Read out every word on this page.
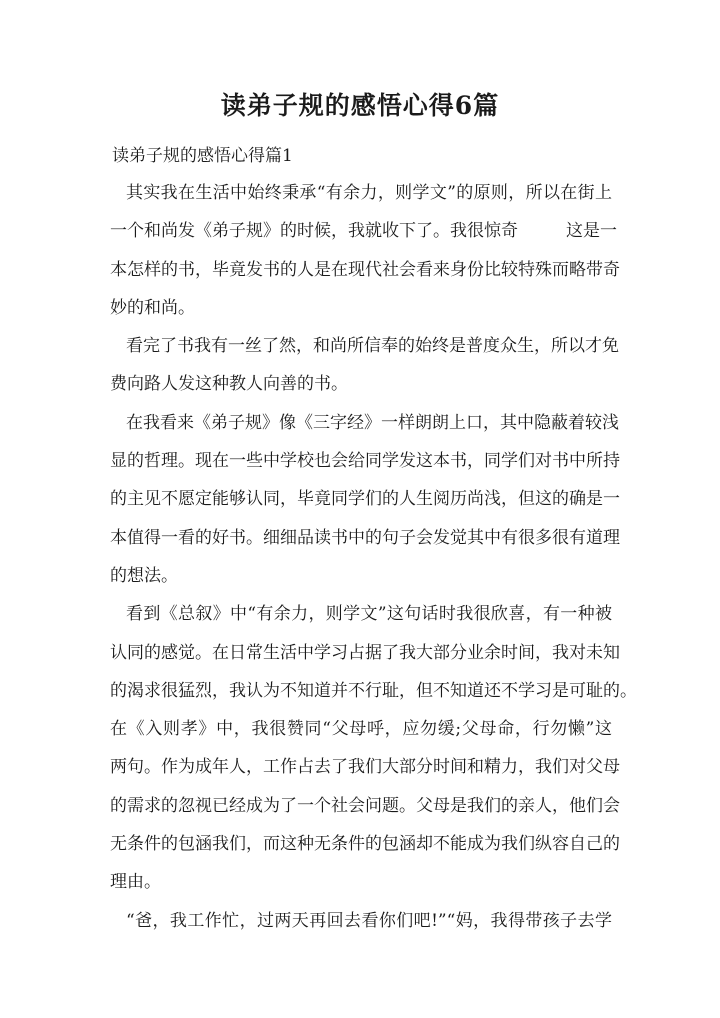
读弟子规的感悟心得6篇

读弟子规的感悟心得篇1

其实我在生活中始终秉承“有余力，则学文”的原则，所以在街上
一个和尚发《弟子规》的时候，我就收下了。我很惊奇	这是一
本怎样的书，毕竟发书的人是在现代社会看来身份比较特殊而略带奇
妙的和尚。
看完了书我有一丝了然，和尚所信奉的始终是普度众生，所以才免
费向路人发这种教人向善的书。
在我看来《弟子规》像《三字经》一样朗朗上口，其中隐蔽着较浅
显的哲理。现在一些中学校也会给同学发这本书，同学们对书中所持
的主见不愿定能够认同，毕竟同学们的人生阅历尚浅，但这的确是一
本值得一看的好书。细细品读书中的句子会发觉其中有很多很有道理
的想法。
看到《总叙》中“有余力，则学文”这句话时我很欣喜，有一种被
认同的感觉。在日常生活中学习占据了我大部分业余时间，我对未知
的渴求很猛烈，我认为不知道并不行耻，但不知道还不学习是可耻的。
在《入则孝》中，我很赞同“父母呼，应勿缓;父母命，行勿懒”这
两句。作为成年人，工作占去了我们大部分时间和精力，我们对父母
的需求的忽视已经成为了一个社会问题。父母是我们的亲人，他们会
无条件的包涵我们，而这种无条件的包涵却不能成为我们纵容自己的
理由。
“爸，我工作忙，过两天再回去看你们吧!”“妈，我得带孩子去学
